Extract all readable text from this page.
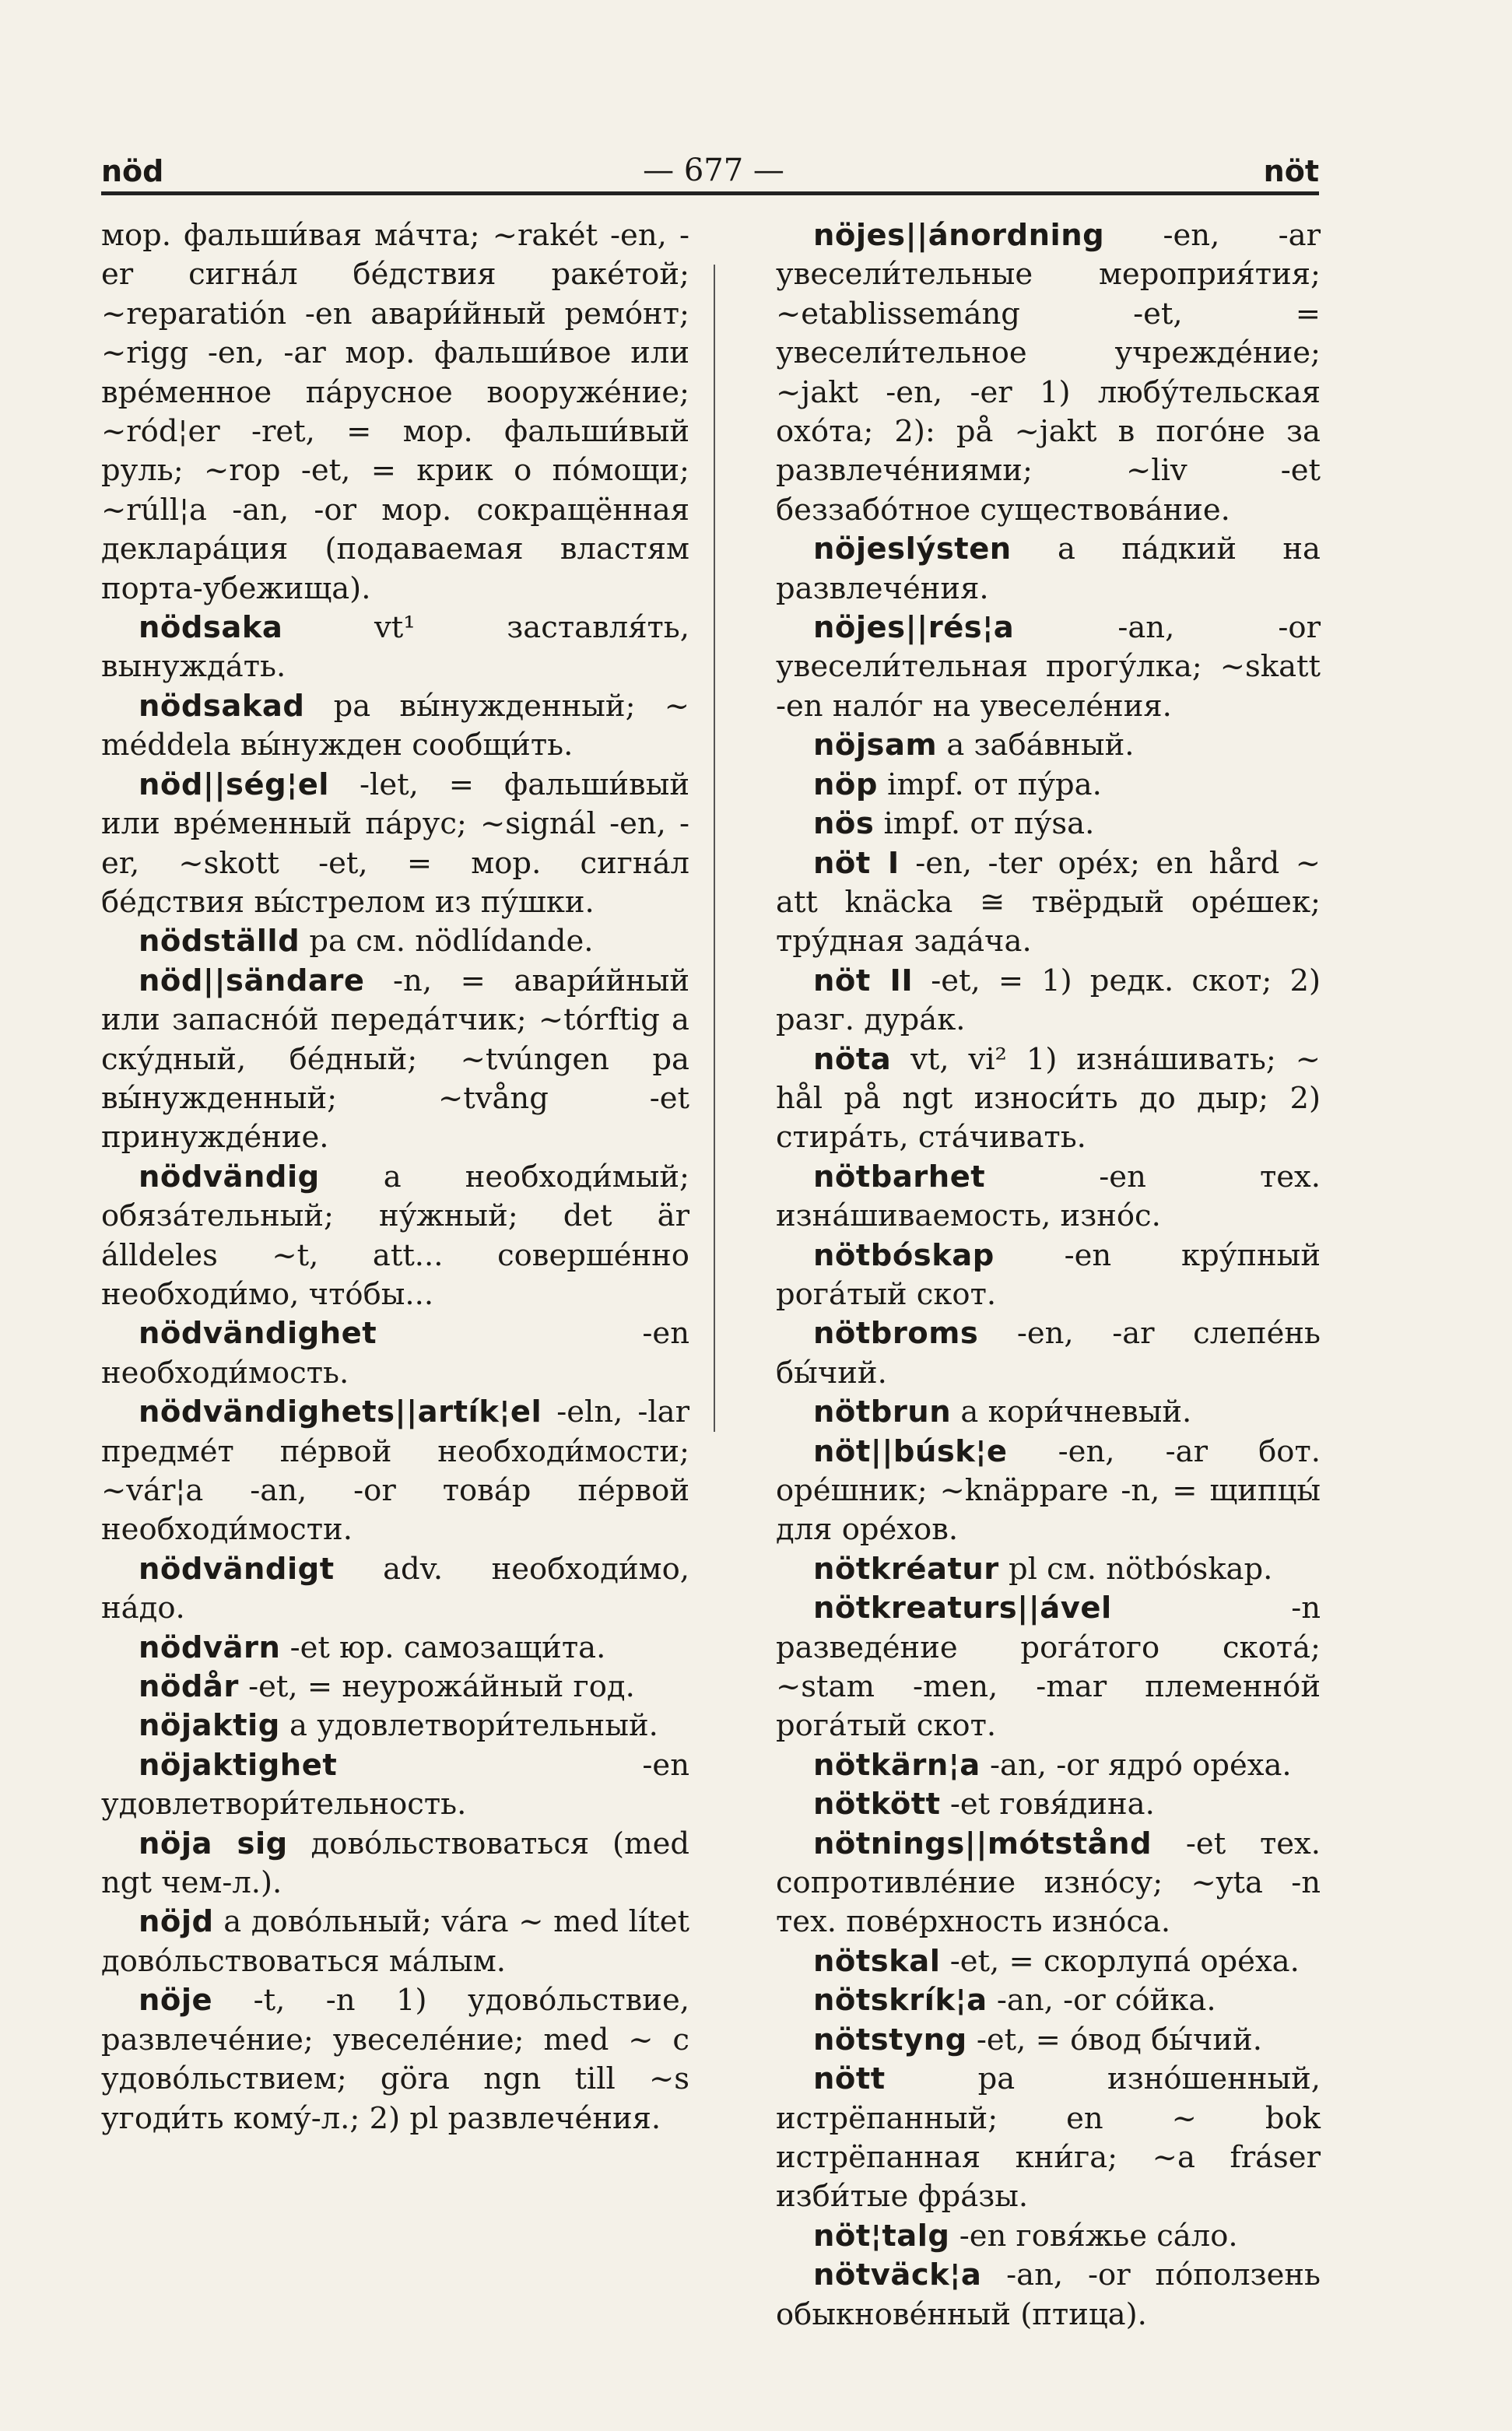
nöd	— 677 —	nöt

мор. фальши́вая ма́чта; ~rakét -en, -er сигна́л бе́дствия раке́той; ~reparatión -en авари́йный ремо́нт; ~rigg -en, -ar мор. фальши́вое или вре́менное па́русное вооруже́ние; ~ród¦er -ret, = мор. фальши́вый руль; ~rop -et, = крик о по́мощи; ~rúll¦a -an, -or мор. сокращённая деклара́ция (подаваемая властям порта-убежища).

nödsaka vt¹ заставля́ть, вынужда́ть.

nödsakad pa вы́нужденный; ~ méddela вы́нужден сообщи́ть.

nöd||ség¦el -let, = фальши́вый или вре́менный па́рус; ~signál -en, -er, ~skott -et, = мор. сигна́л бе́дствия вы́стрелом из пу́шки.

nödställd pa см. nödlídande.

nöd||sändare -n, = авари́йный или запасно́й переда́тчик; ~tórftig a ску́дный, бе́дный; ~tvúngen pa вы́нужденный; ~tvång -et принужде́ние.

nödvändig a необходи́мый; обяза́тельный; ну́жный; det är álldeles ~t, att... соверше́нно необходи́мо, что́бы...

nödvändighet -en необходи́мость.

nödvändighets||artík¦el -eln, -lar предме́т пе́рвой необходи́мости; ~vár¦a -an, -or това́р пе́рвой необходи́мости.

nödvändigt adv. необходи́мо, на́до.

nödvärn -et юр. самозащи́та.

nödår -et, = неурожа́йный год.

nöjaktig a удовлетвори́тельный.

nöjaktighet -en удовлетвори́тельность.

nöja sig дово́льствоваться (med ngt чем-л.).

nöjd a дово́льный; vára ~ med lítet дово́льствоваться ма́лым.

nöje -t, -n 1) удово́льствие, развлече́ние; увеселе́ние; med ~ с удово́льствием; göra ngn till ~s угоди́ть кому́-л.; 2) pl развлече́ния.

nöjes||ánordning -en, -ar увесели́тельные мероприя́тия; ~etablissemáng -et, = увесели́тельное учрежде́ние; ~jakt -en, -er 1) любу́тельская охо́та; 2): på ~jakt в пого́не за развлече́ниями; ~liv -et беззабо́тное существова́ние.

nöjeslýsten a па́дкий на развлече́ния.

nöjes||rés¦a -an, -or увесели́тельная прогу́лка; ~skatt -en нало́г на увеселе́ния.

nöjsam a заба́вный.

nöp impf. от пу́ра.

nös impf. от пу́sa.

nöt I -en, -ter opéх; en hård ~ att knäcka ≅ твёрдый оре́шек; тру́дная зада́ча.

nöt II -et, = 1) редк. скот; 2) разг. дура́к.

nöta vt, vi² 1) изна́шивать; ~ hål på ngt износи́ть до дыр; 2) стира́ть, ста́чивать.

nötbarhet -en тех. изна́шиваемость, изно́с.

nötbóskap -en кру́пный рога́тый скот.

nötbroms -en, -ar слепе́нь бы́чий.

nötbrun a кори́чневый.

nöt||búsk¦e -en, -ar бот. оре́шник; ~knäppare -n, = щипцы́ для оре́хов.

nötkréatur pl см. nötbóskap.

nötkreaturs||ável -n разведе́ние рога́того скота́; ~stam -men, -mar племенно́й рога́тый скот.

nötkärn¦a -an, -or ядро́ оре́ха.

nötkött -et говя́дина.

nötnings||mótstånd -et тех. сопротивле́ние изно́су; ~yta -n тех. пове́рхность изно́са.

nötskal -et, = скорлупа́ оре́ха.

nötskrík¦a -an, -or со́йка.

nötstyng -et, = о́вод бы́чий.

nött pa изно́шенный, истрёпанный; en ~ bok истрёпанная кни́га; ~a fráser изби́тые фра́зы.

nöt¦talg -en говя́жье са́ло.

nötväck¦a -an, -or по́ползень обыкнове́нный (птица).
